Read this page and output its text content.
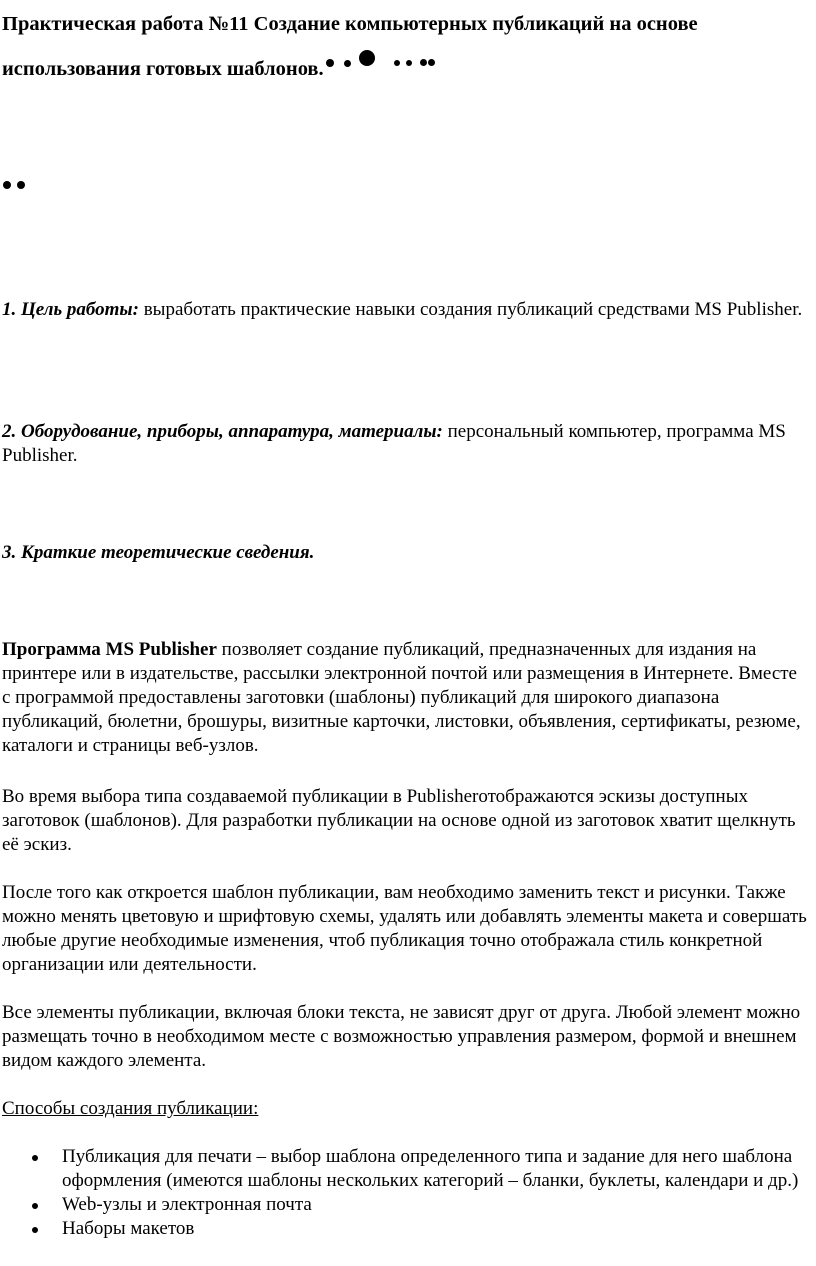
Практическая работа №11 Создание компьютерных публикаций на основе использования готовых шаблонов.

1. Цель работы: выработать практические навыки создания публикаций средствами MS Publisher.

2. Оборудование, приборы, аппаратура, материалы: персональный компьютер, программа MS Publisher.

3. Краткие теоретические сведения.

Программа MS Publisher позволяет создание публикаций, предназначенных для издания на принтере или в издательстве, рассылки электронной почтой или размещения в Интернете. Вместе с программой предоставлены заготовки (шаблоны) публикаций для широкого диапазона публикаций, бюлетни, брошуры, визитные карточки, листовки, объявления, сертификаты, резюме, каталоги и страницы веб-узлов.

Во время выбора типа создаваемой публикации в Publisherотображаются эскизы доступных заготовок (шаблонов). Для разработки публикации на основе одной из заготовок хватит щелкнуть её эскиз.

После того как откроется шаблон публикации, вам необходимо заменить текст и рисунки. Также можно менять цветовую и шрифтовую схемы, удалять или добавлять элементы макета и совершать любые другие необходимые изменения, чтоб публикация точно отображала стиль конкретной организации или деятельности.

Все элементы публикации, включая блоки текста, не зависят друг от друга. Любой элемент можно размещать точно в необходимом месте с возможностью управления размером, формой и внешнем видом каждого элемента.

Способы создания публикации:

Публикация для печати – выбор шаблона определенного типа и задание для него шаблона оформления (имеются шаблоны нескольких категорий – бланки, буклеты, календари и др.)
Web-узлы и электронная почта
Наборы макетов
